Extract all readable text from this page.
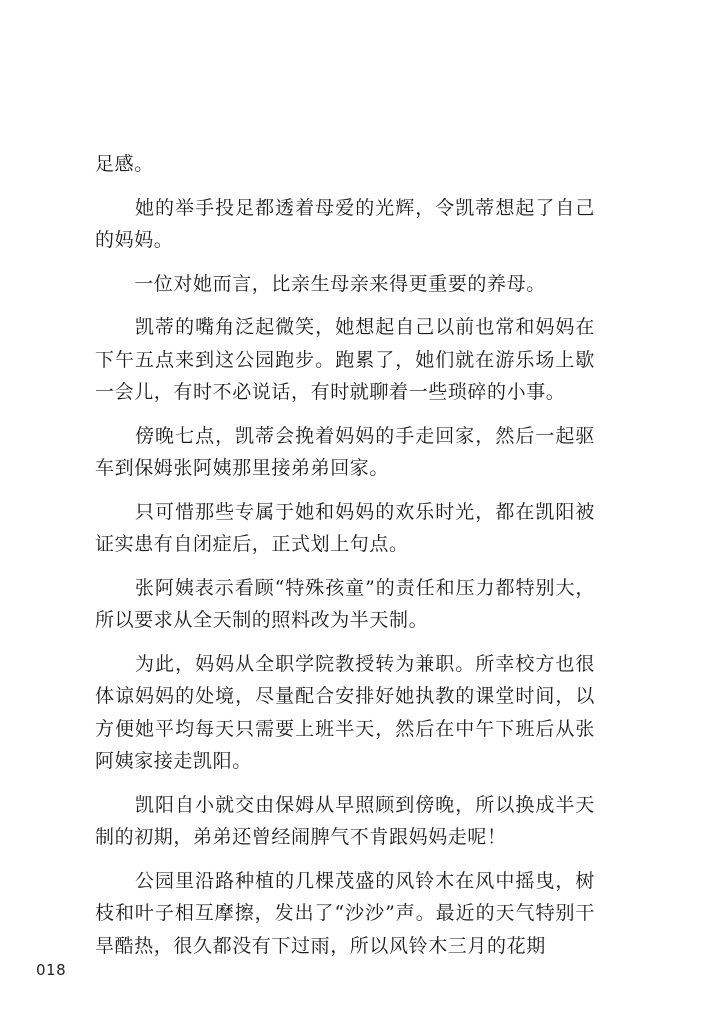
足感。

　　她的举手投足都透着母爱的光辉，令凯蒂想起了自己的妈妈。

　　一位对她而言，比亲生母亲来得更重要的养母。

　　凯蒂的嘴角泛起微笑，她想起自己以前也常和妈妈在下午五点来到这公园跑步。跑累了，她们就在游乐场上歇一会儿，有时不必说话，有时就聊着一些琐碎的小事。

　　傍晚七点，凯蒂会挽着妈妈的手走回家，然后一起驱车到保姆张阿姨那里接弟弟回家。

　　只可惜那些专属于她和妈妈的欢乐时光，都在凯阳被证实患有自闭症后，正式划上句点。

　　张阿姨表示看顾“特殊孩童”的责任和压力都特别大，所以要求从全天制的照料改为半天制。

　　为此，妈妈从全职学院教授转为兼职。所幸校方也很体谅妈妈的处境，尽量配合安排好她执教的课堂时间，以方便她平均每天只需要上班半天，然后在中午下班后从张阿姨家接走凯阳。

　　凯阳自小就交由保姆从早照顾到傍晚，所以换成半天制的初期，弟弟还曾经闹脾气不肯跟妈妈走呢！

　　公园里沿路种植的几棵茂盛的风铃木在风中摇曳，树枝和叶子相互摩擦，发出了“沙沙”声。最近的天气特别干旱酷热，很久都没有下过雨，所以风铃木三月的花期

018
